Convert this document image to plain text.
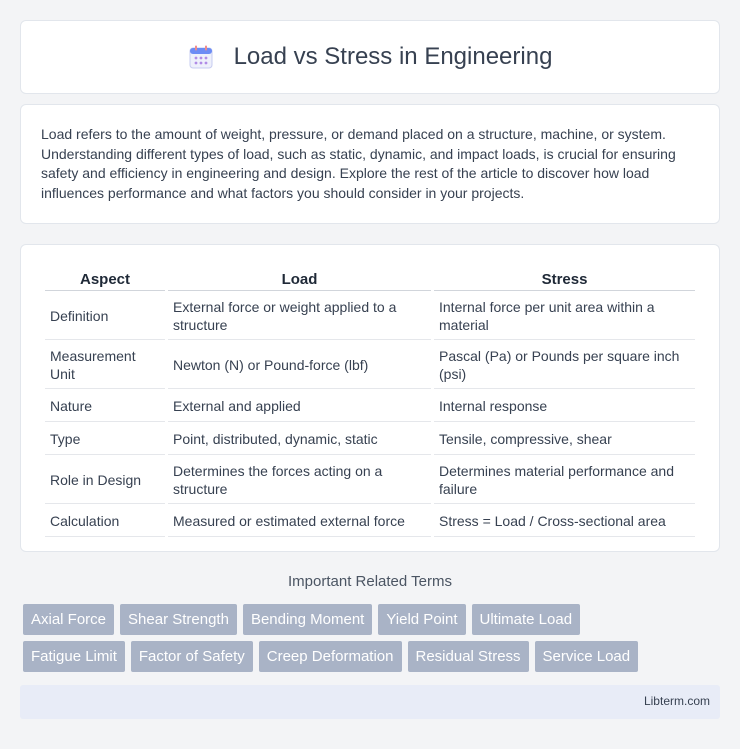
Load vs Stress in Engineering

Load refers to the amount of weight, pressure, or demand placed on a structure, machine, or system. Understanding different types of load, such as static, dynamic, and impact loads, is crucial for ensuring safety and efficiency in engineering and design. Explore the rest of the article to discover how load influences performance and what factors you should consider in your projects.

Aspect	Load	Stress
Definition	External force or weight applied to a structure	Internal force per unit area within a material
Measurement Unit	Newton (N) or Pound-force (lbf)	Pascal (Pa) or Pounds per square inch (psi)
Nature	External and applied	Internal response
Type	Point, distributed, dynamic, static	Tensile, compressive, shear
Role in Design	Determines the forces acting on a structure	Determines material performance and failure
Calculation	Measured or estimated external force	Stress = Load / Cross-sectional area
Important Related Terms
Axial Force	Shear Strength	Bending Moment	Yield Point	Ultimate Load
Fatigue Limit	Factor of Safety	Creep Deformation	Residual Stress	Service Load
Libterm.com
